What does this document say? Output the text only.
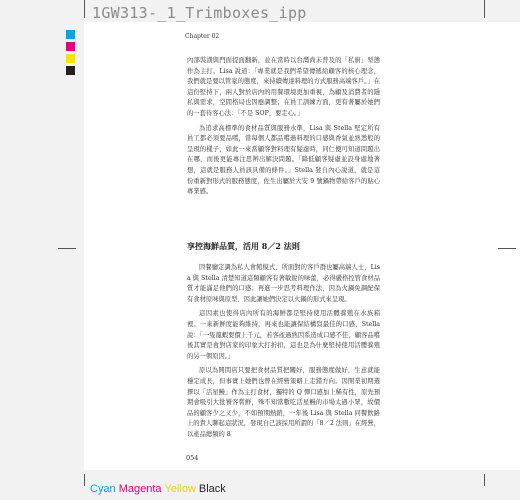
1GW313-_1_Trimboxes_ipp
Chapter 02

內部裝潢與門面提面翻新，並在當時以台灣尚未普及的「私廚」型態作為主打。Lisa 說道：「專業就是我們希望傳遞給顧客的核心理念，我們就是要以管家的態度，來持續傳達料理的方式服務高端客戶。」在這份堅持下，兩人對於店內的用餐環境更加重視，為顧及消費者的隱私與需求，空間格局也因應調整；在員工訓練方面，更有著屬於她們的一套待客心法：「不是 SOP，要走心。」

為追求高標準的食材品質與服務水準，Lisa 與 Stella 堅定所有員工都必須要品嚐，當每個人都品嚐過料理的口感與香氣並熟悉般的呈現的樣子，如此一來當顧客對料理有疑慮時，同仁便可知道問題出在哪，而後更能專注思辨出解決問題。「降低顧客疑慮並設身處地著想，這就是服務人員該具備的條件。」Stella 發自內心說道，就是這份重新對形式的服務態度，佐生出屬於大安 9 號鍋物帶給客戶的貼心專業感。

享控海鮮品質，活用 8／2 法則

因餐廳定調為私人會館模式，所面對的客戶群也屬高端人士，Lisa 與 Stella 清楚知道這類顧客有著敏銳的味蕾，必得嚴格控管食材品質才能滿足他們的口感；再進一步思考料理作法，因為火鍋免調配保有食材原味與原型，因此讓她們決定以火鍋的形式來呈現。

這因素也使得店內所有的海鮮都是堅持使用活體養殖在水族箱裡。一來新鮮度能夠維持，再來也能讓保結構寫最佳的口感，Stella 說：「一隻龍蝦要價上千元，若客產過熟因系造成口感不佳，顧客品嚐後其實是會對店家的印象大打折扣，這也是為什麼堅持使用活體養殖的另一個原因。」

原以為開間店只要把食材品質把關好，服務態度做好，生意就能穩定成長，但事實上她們也曾在經營策略上走錯方向。因開業初期選擇以「活星鰻」作為主打食材，獨特的 Q 彈口感加上稀有性，原先預期會吸引大批饕客嘗鮮，殊不知當數吃活星鰻的市場太過小眾，故價品的顧客少之又少，不如預期熱銷，一年後 Lisa 與 Stella 同餐飲路上的貴人聊起這狀況，發現自己該採用所謂的「8／2 法則」在經營，以產品總類的 8

054
Cyan Magenta Yellow Black
